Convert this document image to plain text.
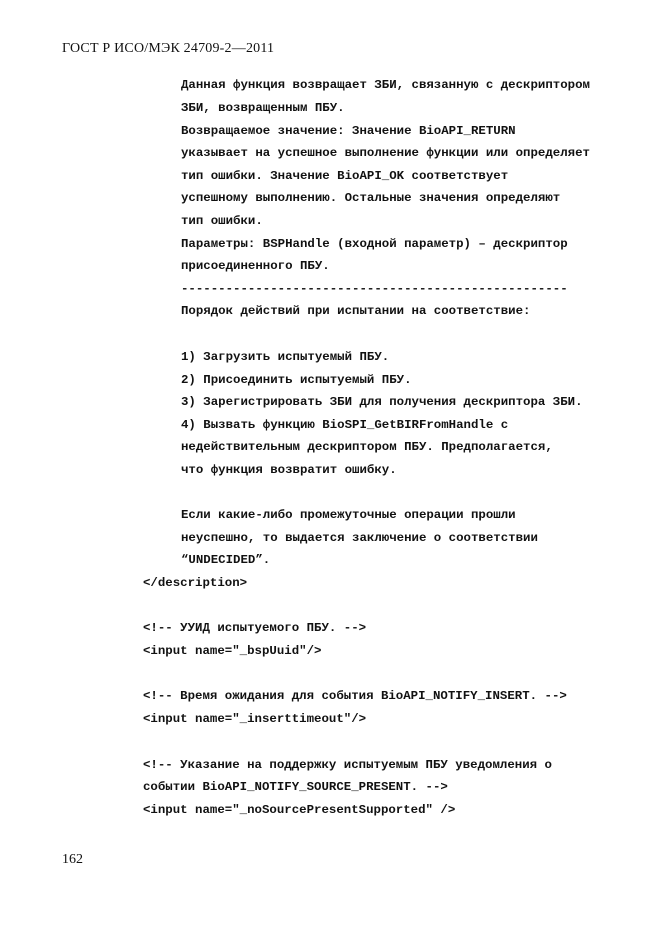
ГОСТ Р ИСО/МЭК 24709-2—2011

Данная функция возвращает ЗБИ, связанную с дескриптором

ЗБИ, возвращенным ПБУ.

Возвращаемое значение: Значение BioAPI_RETURN

указывает на успешное выполнение функции или определяет

тип ошибки. Значение BioAPI_OK соответствует

успешному выполнению. Остальные значения определяют

тип ошибки.

Параметры: BSPHandle (входной параметр) – дескриптор

присоединенного ПБУ.

----------------------------------------------------

Порядок действий при испытании на соответствие:

1) Загрузить испытуемый ПБУ.

2) Присоединить испытуемый ПБУ.

3) Зарегистрировать ЗБИ для получения дескриптора ЗБИ.

4) Вызвать функцию BioSPI_GetBIRFromHandle с

недействительным дескриптором ПБУ. Предполагается,

что функция возвратит ошибку.

Если какие-либо промежуточные операции прошли

неуспешно, то выдается заключение о соответствии

“UNDECIDED”.

</description>

<!-- УУИД испытуемого ПБУ. -->

<input name="_bspUuid"/>

<!-- Время ожидания для события BioAPI_NOTIFY_INSERT. -->

<input name="_inserttimeout"/>

<!-- Указание на поддержку испытуемым ПБУ уведомления о

событии BioAPI_NOTIFY_SOURCE_PRESENT. -->

<input name="_noSourcePresentSupported" />

162
